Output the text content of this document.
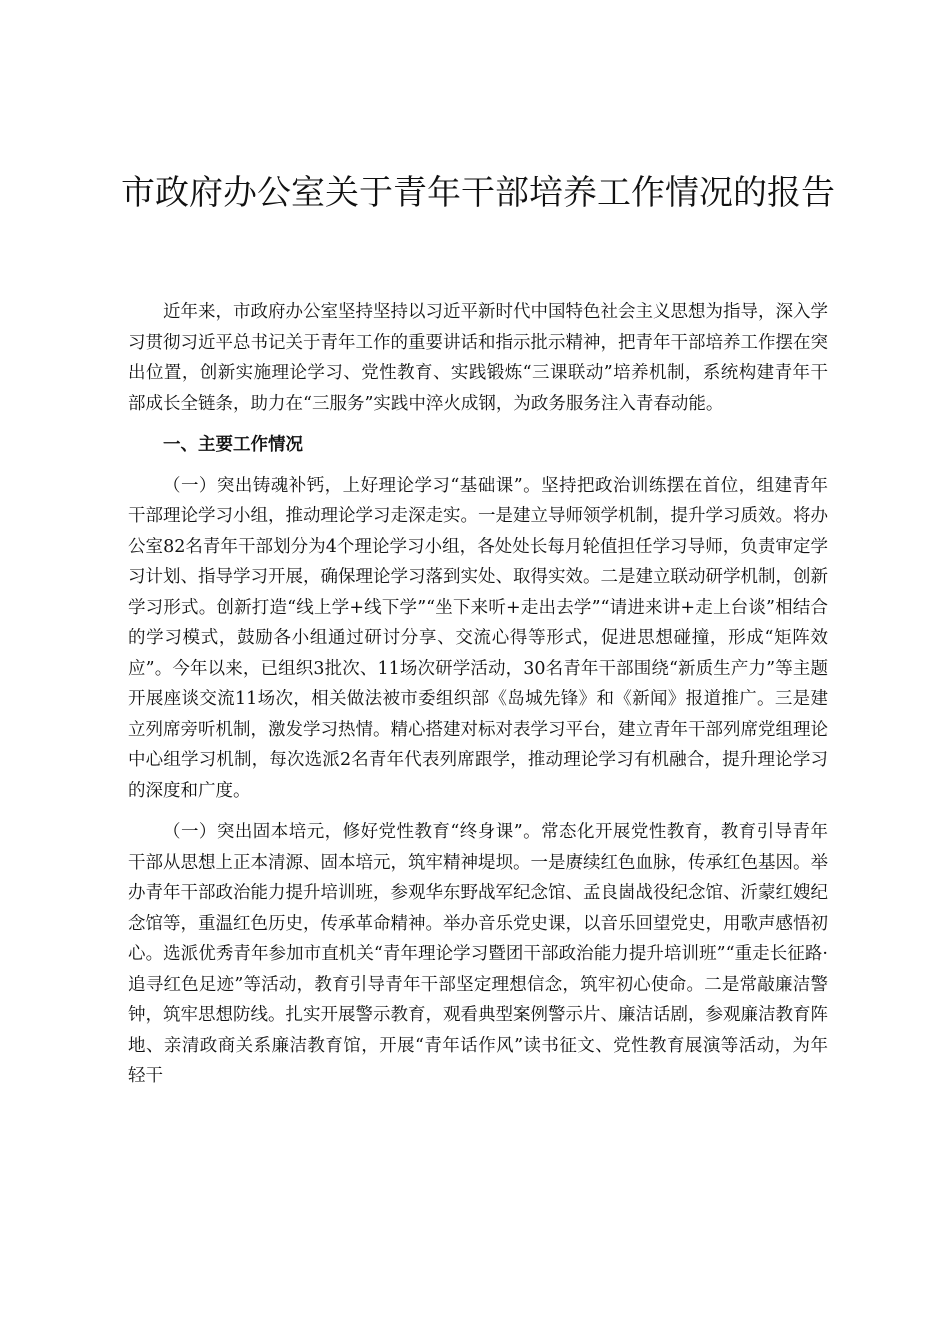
市政府办公室关于青年干部培养工作情况的报告

近年来，市政府办公室坚持坚持以习近平新时代中国特色社会主义思想为指导，深入学习贯彻习近平总书记关于青年工作的重要讲话和指示批示精神，把青年干部培养工作摆在突出位置，创新实施理论学习、党性教育、实践锻炼“三课联动”培养机制，系统构建青年干部成长全链条，助力在“三服务”实践中淬火成钢，为政务服务注入青春动能。

一、主要工作情况

（一）突出铸魂补钙，上好理论学习“基础课”。坚持把政治训练摆在首位，组建青年干部理论学习小组，推动理论学习走深走实。一是建立导师领学机制，提升学习质效。将办公室82名青年干部划分为4个理论学习小组，各处处长每月轮值担任学习导师，负责审定学习计划、指导学习开展，确保理论学习落到实处、取得实效。二是建立联动研学机制，创新学习形式。创新打造“线上学+线下学”“坐下来听+走出去学”“请进来讲+走上台谈”相结合的学习模式，鼓励各小组通过研讨分享、交流心得等形式，促进思想碰撞，形成“矩阵效应”。今年以来，已组织3批次、11场次研学活动，30名青年干部围绕“新质生产力”等主题开展座谈交流11场次，相关做法被市委组织部《岛城先锋》和《新闻》报道推广。三是建立列席旁听机制，激发学习热情。精心搭建对标对表学习平台，建立青年干部列席党组理论中心组学习机制，每次选派2名青年代表列席跟学，推动理论学习有机融合，提升理论学习的深度和广度。

（一）突出固本培元，修好党性教育“终身课”。常态化开展党性教育，教育引导青年干部从思想上正本清源、固本培元，筑牢精神堤坝。一是赓续红色血脉，传承红色基因。举办青年干部政治能力提升培训班，参观华东野战军纪念馆、孟良崮战役纪念馆、沂蒙红嫂纪念馆等，重温红色历史，传承革命精神。举办音乐党史课，以音乐回望党史，用歌声感悟初心。选派优秀青年参加市直机关“青年理论学习暨团干部政治能力提升培训班”“重走长征路·追寻红色足迹”等活动，教育引导青年干部坚定理想信念，筑牢初心使命。二是常敲廉洁警钟，筑牢思想防线。扎实开展警示教育，观看典型案例警示片、廉洁话剧，参观廉洁教育阵地、亲清政商关系廉洁教育馆，开展“青年话作风”读书征文、党性教育展演等活动，为年轻干
